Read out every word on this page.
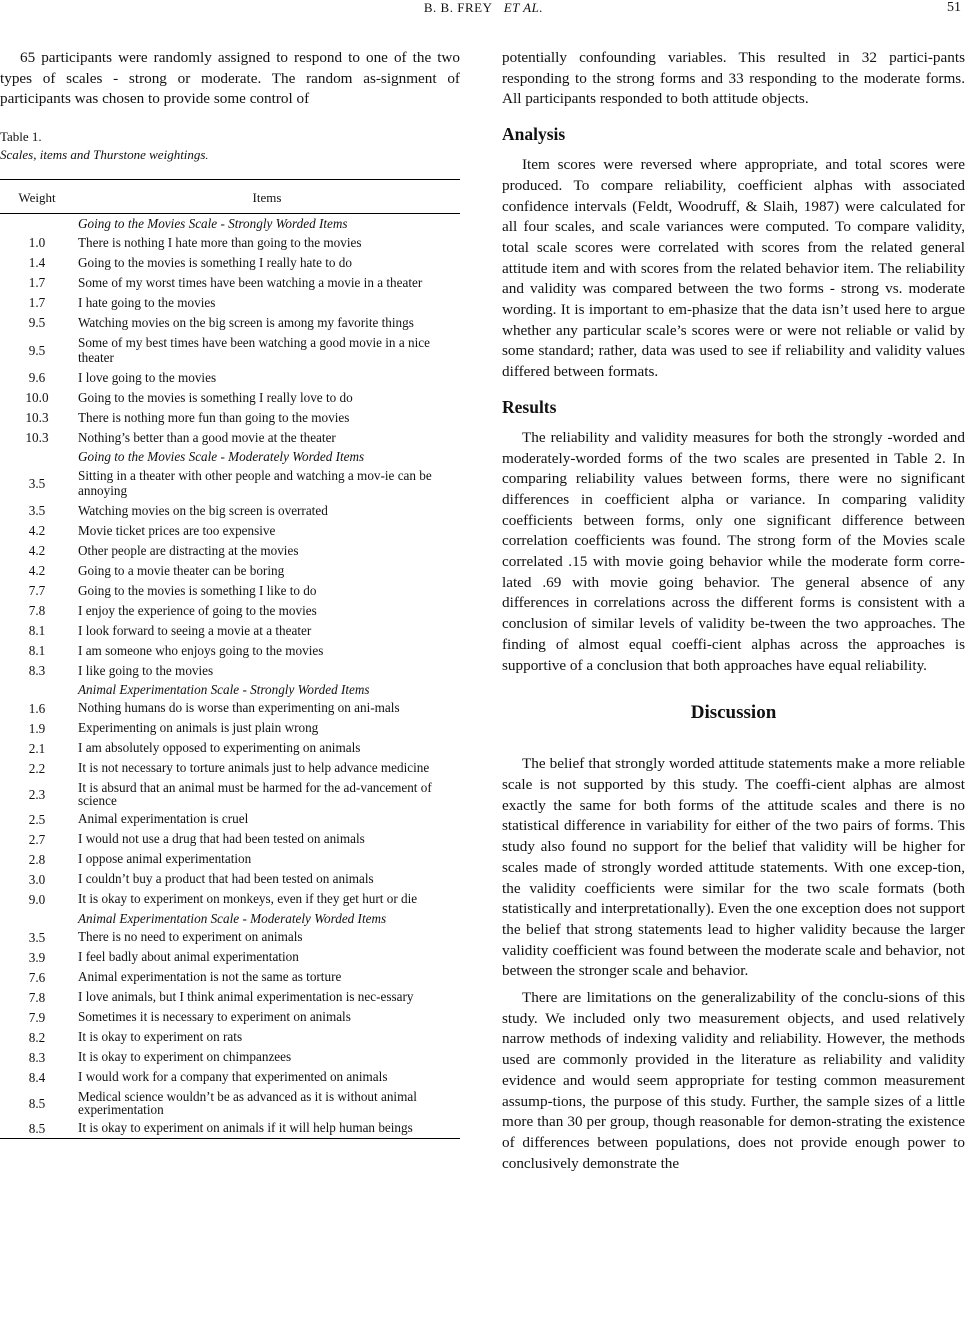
B. B. FREY ET AL.	51

65 participants were randomly assigned to respond to one of the two types of scales - strong or moderate. The random as-signment of participants was chosen to provide some control of

Table 1.
Scales, items and Thurstone weightings.
Weight	Items
	Going to the Movies Scale - Strongly Worded Items
1.0	There is nothing I hate more than going to the movies
1.4	Going to the movies is something I really hate to do
1.7	Some of my worst times have been watching a movie in a theater
1.7	I hate going to the movies
9.5	Watching movies on the big screen is among my favorite things
9.5	Some of my best times have been watching a good movie in a nice theater
9.6	I love going to the movies
10.0	Going to the movies is something I really love to do
10.3	There is nothing more fun than going to the movies
10.3	Nothing’s better than a good movie at the theater
	Going to the Movies Scale - Moderately Worded Items
3.5	Sitting in a theater with other people and watching a mov-ie can be annoying
3.5	Watching movies on the big screen is overrated
4.2	Movie ticket prices are too expensive
4.2	Other people are distracting at the movies
4.2	Going to a movie theater can be boring
7.7	Going to the movies is something I like to do
7.8	I enjoy the experience of going to the movies
8.1	I look forward to seeing a movie at a theater
8.1	I am someone who enjoys going to the movies
8.3	I like going to the movies
	Animal Experimentation Scale - Strongly Worded Items
1.6	Nothing humans do is worse than experimenting on ani-mals
1.9	Experimenting on animals is just plain wrong
2.1	I am absolutely opposed to experimenting on animals
2.2	It is not necessary to torture animals just to help advance medicine
2.3	It is absurd that an animal must be harmed for the ad-vancement of science
2.5	Animal experimentation is cruel
2.7	I would not use a drug that had been tested on animals
2.8	I oppose animal experimentation
3.0	I couldn’t buy a product that had been tested on animals
9.0	It is okay to experiment on monkeys, even if they get hurt or die
	Animal Experimentation Scale - Moderately Worded Items
3.5	There is no need to experiment on animals
3.9	I feel badly about animal experimentation
7.6	Animal experimentation is not the same as torture
7.8	I love animals, but I think animal experimentation is nec-essary
7.9	Sometimes it is necessary to experiment on animals
8.2	It is okay to experiment on rats
8.3	It is okay to experiment on chimpanzees
8.4	I would work for a company that experimented on animals
8.5	Medical science wouldn’t be as advanced as it is without animal experimentation
8.5	It is okay to experiment on animals if it will help human beings

potentially confounding variables. This resulted in 32 partici-pants responding to the strong forms and 33 responding to the moderate forms. All participants responded to both attitude objects.

Analysis

Item scores were reversed where appropriate, and total scores were produced. To compare reliability, coefficient alphas with associated confidence intervals (Feldt, Woodruff, & Slaih, 1987) were calculated for all four scales, and scale variances were computed. To compare validity, total scale scores were correlated with scores from the related general attitude item and with scores from the related behavior item. The reliability and validity was compared between the two forms - strong vs. moderate wording. It is important to em-phasize that the data isn’t used here to argue whether any particular scale’s scores were or were not reliable or valid by some standard; rather, data was used to see if reliability and validity values differed between formats.

Results

The reliability and validity measures for both the strongly -worded and moderately-worded forms of the two scales are presented in Table 2. In comparing reliability values between forms, there were no significant differences in coefficient alpha or variance. In comparing validity coefficients between forms, only one significant difference between correlation coefficients was found. The strong form of the Movies scale correlated .15 with movie going behavior while the moderate form corre-lated .69 with movie going behavior. The general absence of any differences in correlations across the different forms is consistent with a conclusion of similar levels of validity be-tween the two approaches. The finding of almost equal coeffi-cient alphas across the approaches is supportive of a conclusion that both approaches have equal reliability.

Discussion

The belief that strongly worded attitude statements make a more reliable scale is not supported by this study. The coeffi-cient alphas are almost exactly the same for both forms of the attitude scales and there is no statistical difference in variability for either of the two pairs of forms. This study also found no support for the belief that validity will be higher for scales made of strongly worded attitude statements. With one excep-tion, the validity coefficients were similar for the two scale formats (both statistically and interpretationally). Even the one exception does not support the belief that strong statements lead to higher validity because the larger validity coefficient was found between the moderate scale and behavior, not between the stronger scale and behavior.

There are limitations on the generalizability of the conclu-sions of this study. We included only two measurement objects, and used relatively narrow methods of indexing validity and reliability. However, the methods used are commonly provided in the literature as reliability and validity evidence and would seem appropriate for testing common measurement assump-tions, the purpose of this study. Further, the sample sizes of a little more than 30 per group, though reasonable for demon-strating the existence of differences between populations, does not provide enough power to conclusively demonstrate the
